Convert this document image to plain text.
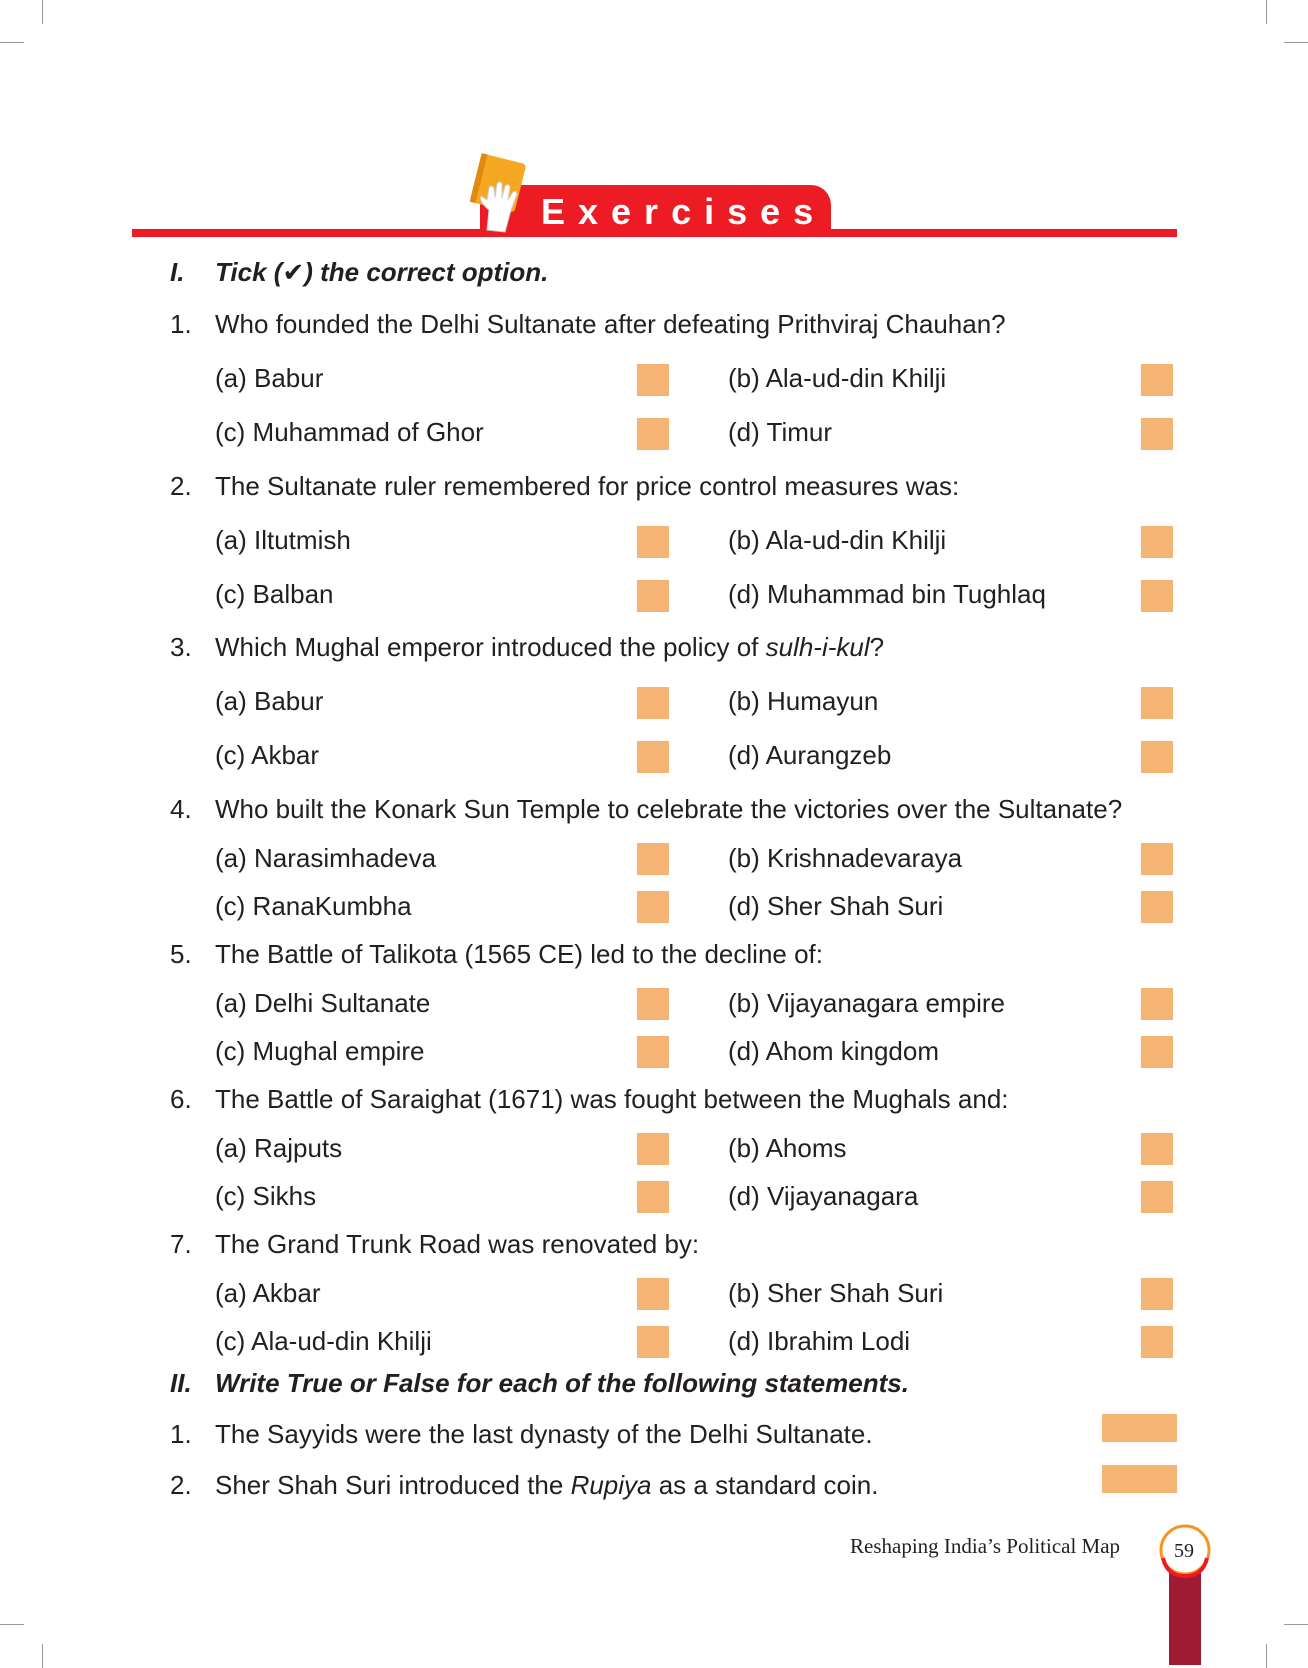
Exercises
I. Tick (✔) the correct option.
1. Who founded the Delhi Sultanate after defeating Prithviraj Chauhan?
(a) Babur	(b) Ala-ud-din Khilji
(c) Muhammad of Ghor	(d) Timur
2. The Sultanate ruler remembered for price control measures was:
(a) Iltutmish	(b) Ala-ud-din Khilji
(c) Balban	(d) Muhammad bin Tughlaq
3. Which Mughal emperor introduced the policy of sulh-i-kul?
(a) Babur	(b) Humayun
(c) Akbar	(d) Aurangzeb
4. Who built the Konark Sun Temple to celebrate the victories over the Sultanate?
(a) Narasimhadeva	(b) Krishnadevaraya
(c) RanaKumbha	(d) Sher Shah Suri
5. The Battle of Talikota (1565 CE) led to the decline of:
(a) Delhi Sultanate	(b) Vijayanagara empire
(c) Mughal empire	(d) Ahom kingdom
6. The Battle of Saraighat (1671) was fought between the Mughals and:
(a) Rajputs	(b) Ahoms
(c) Sikhs	(d) Vijayanagara
7. The Grand Trunk Road was renovated by:
(a) Akbar	(b) Sher Shah Suri
(c) Ala-ud-din Khilji	(d) Ibrahim Lodi
II. Write True or False for each of the following statements.
1. The Sayyids were the last dynasty of the Delhi Sultanate.
2. Sher Shah Suri introduced the Rupiya as a standard coin.
Reshaping India’s Political Map	59
